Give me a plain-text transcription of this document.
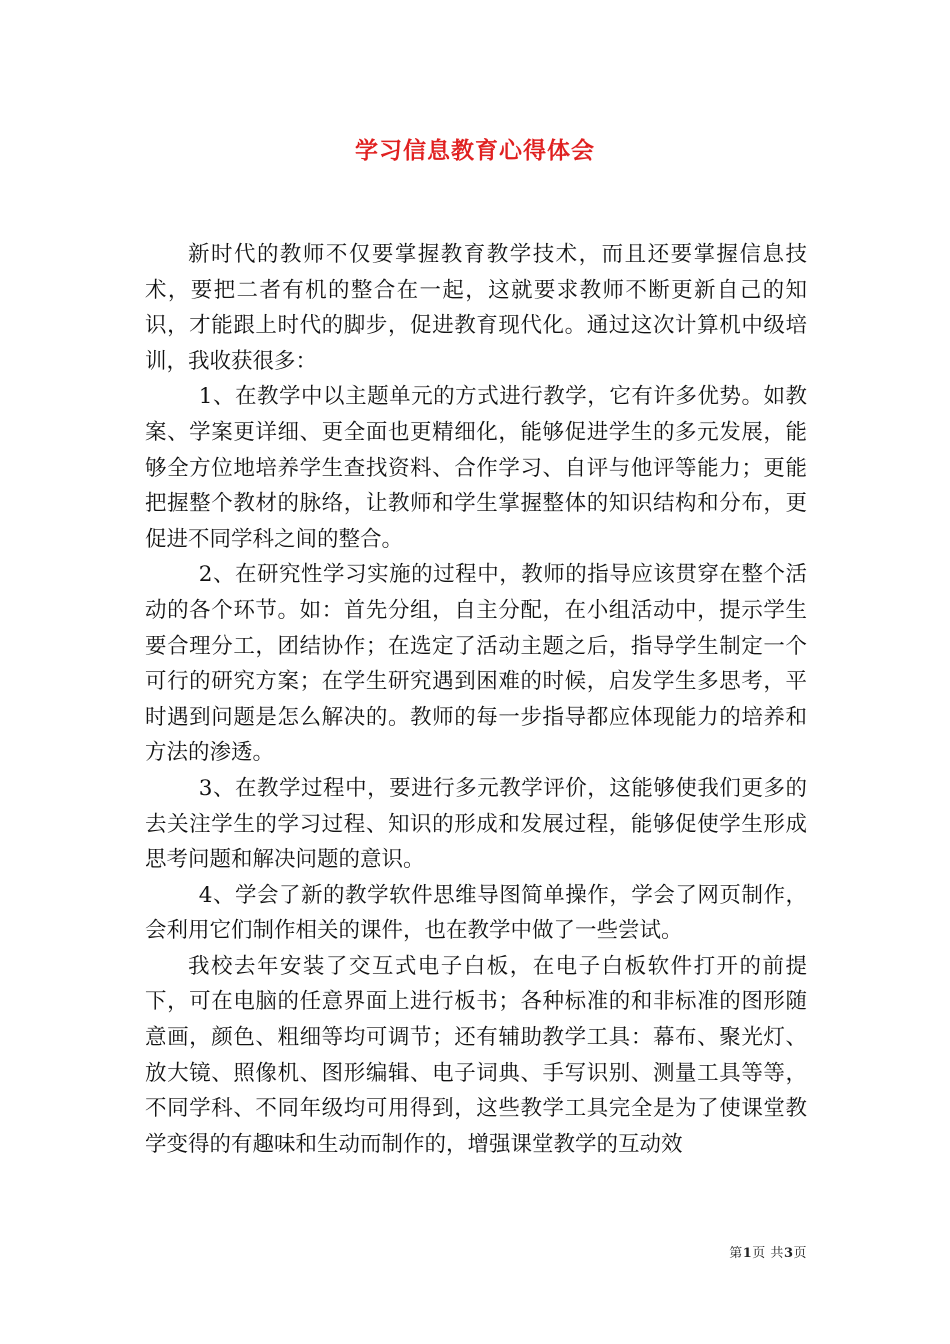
学习信息教育心得体会

新时代的教师不仅要掌握教育教学技术，而且还要掌握信息技术，要把二者有机的整合在一起，这就要求教师不断更新自己的知识，才能跟上时代的脚步，促进教育现代化。通过这次计算机中级培训，我收获很多：

1、在教学中以主题单元的方式进行教学，它有许多优势。如教案、学案更详细、更全面也更精细化，能够促进学生的多元发展，能够全方位地培养学生查找资料、合作学习、自评与他评等能力；更能把握整个教材的脉络，让教师和学生掌握整体的知识结构和分布，更促进不同学科之间的整合。

2、在研究性学习实施的过程中，教师的指导应该贯穿在整个活动的各个环节。如：首先分组，自主分配，在小组活动中，提示学生要合理分工，团结协作；在选定了活动主题之后，指导学生制定一个可行的研究方案；在学生研究遇到困难的时候，启发学生多思考，平时遇到问题是怎么解决的。教师的每一步指导都应体现能力的培养和方法的渗透。

3、在教学过程中，要进行多元教学评价，这能够使我们更多的去关注学生的学习过程、知识的形成和发展过程，能够促使学生形成思考问题和解决问题的意识。

4、学会了新的教学软件思维导图简单操作，学会了网页制作，会利用它们制作相关的课件，也在教学中做了一些尝试。

我校去年安装了交互式电子白板，在电子白板软件打开的前提下，可在电脑的任意界面上进行板书；各种标准的和非标准的图形随意画，颜色、粗细等均可调节；还有辅助教学工具：幕布、聚光灯、放大镜、照像机、图形编辑、电子词典、手写识别、测量工具等等，不同学科、不同年级均可用得到，这些教学工具完全是为了使课堂教学变得的有趣味和生动而制作的，增强课堂教学的互动效

第1页 共3页
